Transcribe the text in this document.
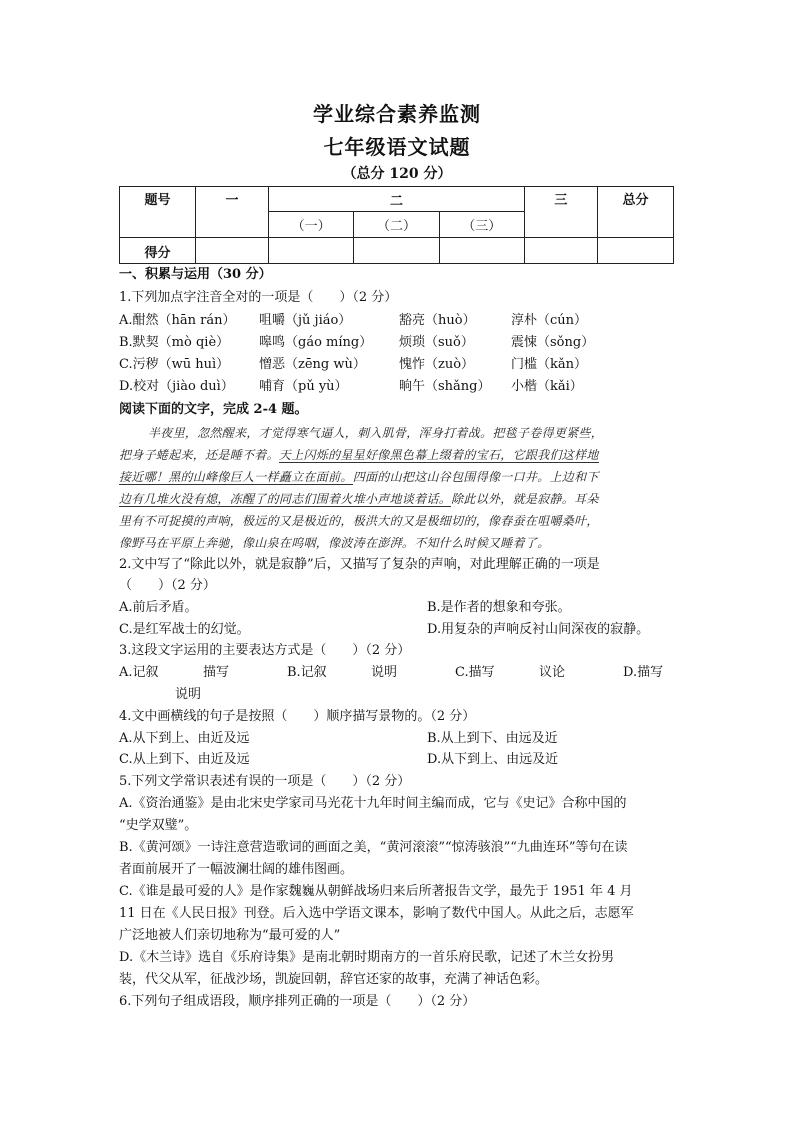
学业综合素养监测
七年级语文试题
（总分 120 分）
题号	一	二			三	总分
		（一）	（二）	（三）		
得分						
一、积累与运用（30 分）
1.下列加点字注音全对的一项是（　　）（2 分）
A.酣然（hān rán） 咀嚼（jǔ jiáo）	豁亮（huò）	淳朴（cún）
B.默契（mò qiè） 嗥鸣（gáo míng） 烦琐（suǒ）	震悚（sǒng）
C.污秽（wū huì） 憎恶（zēng wù）	愧怍（zuò）	门槛（kǎn）
D.校对（jiào duì） 哺育（pǔ yù）	晌午（shǎng） 小楷（kǎi）
阅读下面的文字，完成 2-4 题。
半夜里，忽然醒来，才觉得寒气逼人，刺入肌骨，浑身打着战。把毯子卷得更紧些，
把身子蜷起来，还是睡不着。天上闪烁的星星好像黑色幕上缀着的宝石，它跟我们这样地
接近哪！黑的山峰像巨人一样矗立在面前。四面的山把这山谷包围得像一口井。上边和下
边有几堆火没有熄，冻醒了的同志们围着火堆小声地谈着话。除此以外，就是寂静。耳朵
里有不可捉摸的声响，极远的又是极近的，极洪大的又是极细切的，像春蚕在咀嚼桑叶，
像野马在平原上奔驰，像山泉在呜咽，像波涛在澎湃。不知什么时候又睡着了。
2.文中写了“除此以外，就是寂静”后，又描写了复杂的声响，对此理解正确的一项是
（　　）（2 分）
A.前后矛盾。	B.是作者的想象和夸张。
C.是红军战士的幻觉。	D.用复杂的声响反衬山间深夜的寂静。
3.这段文字运用的主要表达方式是（　　）（2 分）
A.记叙	描写	B.记叙	说明	C.描写	议论	D.描写
说明
4.文中画横线的句子是按照（　　）顺序描写景物的。（2 分）
A.从下到上、由近及远	B.从上到下、由远及近
C.从上到下、由近及远	D.从下到上、由远及近
5.下列文学常识表述有误的一项是（　　）（2 分）
A.《资治通鉴》是由北宋史学家司马光花十九年时间主编而成，它与《史记》合称中国的
“史学双璧”。
B.《黄河颂》一诗注意营造歌词的画面之美，“黄河滚滚”“惊涛骇浪”“九曲连环”等句在读
者面前展开了一幅波澜壮阔的雄伟图画。
C.《谁是最可爱的人》是作家魏巍从朝鲜战场归来后所著报告文学，最先于 1951 年 4 月
11 日在《人民日报》刊登。后入选中学语文课本，影响了数代中国人。从此之后，志愿军
广泛地被人们亲切地称为“最可爱的人”
D.《木兰诗》选自《乐府诗集》是南北朝时期南方的一首乐府民歌，记述了木兰女扮男
装，代父从军，征战沙场，凯旋回朝，辞官还家的故事，充满了神话色彩。
6.下列句子组成语段，顺序排列正确的一项是（　　）（2 分）
